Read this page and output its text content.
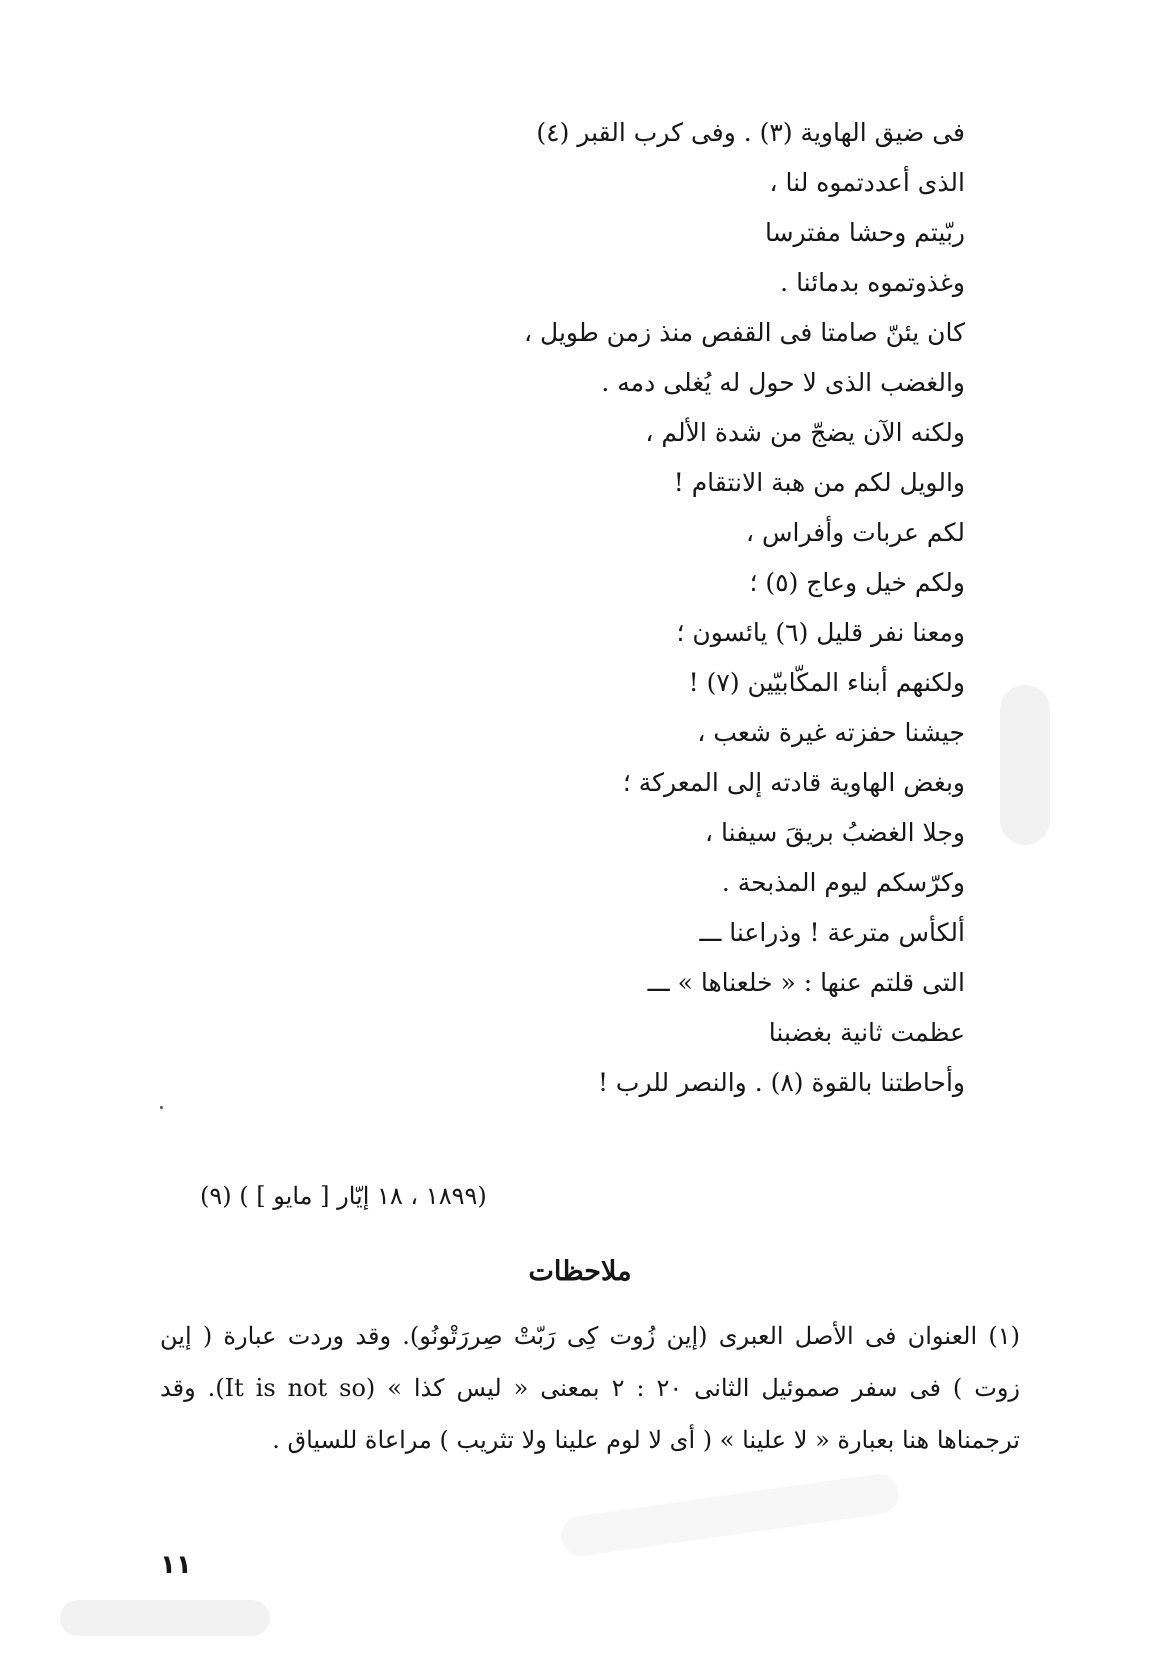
فى ضيق الهاوية (٣) . وفى كرب القبر (٤)
الذى أعددتموه لنا ،
ربّيتم وحشا مفترسا
وغذوتموه بدمائنا .
كان يئنّ صامتا فى القفص منذ زمن طويل ،
والغضب الذى لا حول له يُغلى دمه .
ولكنه الآن يضجّ من شدة الألم ،
والويل لكم من هبة الانتقام !
لكم عربات وأفراس ،
ولكم خيل وعاج (٥) ؛
ومعنا نفر قليل (٦) يائسون ؛
ولكنهم أبناء المكّابيّين (٧) !
جيشنا حفزته غيرة شعب ،
وبغض الهاوية قادته إلى المعركة ؛
وجلا الغضبُ بريقَ سيفنا ،
وكرّسكم ليوم المذبحة .
ألكأس مترعة ! وذراعنا ـــ
التى قلتم عنها : « خلعناها » ـــ
عظمت ثانية بغضبنا
وأحاطتنا بالقوة (٨) . والنصر للرب !
(١٨٩٩ ، ١٨ إيّار [ مايو ] ) (٩)
ملاحظات
(١) العنوان فى الأصل العبرى (إين زُوت كِى رَبّتْ صِررَتْونُو). وقد وردت عبارة ( إين زوت ) فى سفر صموئيل الثانى ٢٠ : ٢ بمعنى « ليس كذا » (It is not so). وقد ترجمناها هنا بعبارة « لا علينا » ( أى لا لوم علينا ولا تثريب ) مراعاة للسياق .
١١
